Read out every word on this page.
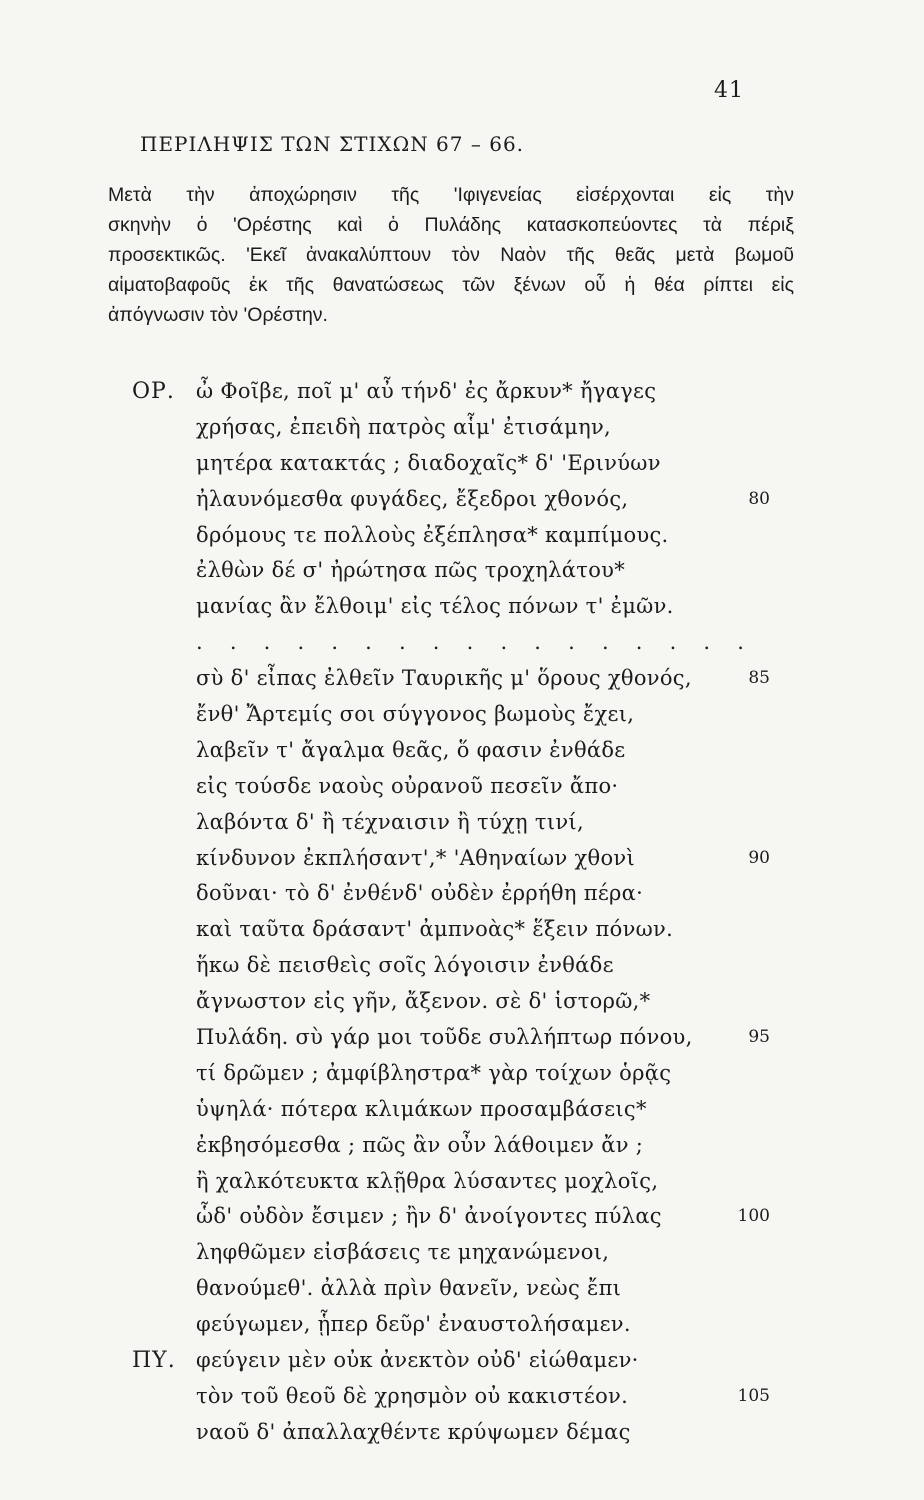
41
ΠΕΡΙΛΗΨΙΣ ΤΩΝ ΣΤΙΧΩΝ 67 – 66.
Μετὰ τὴν ἀποχώρησιν τῆς 'Ιφιγενείας εἰσέρχονται εἰς τὴν
σκηνὴν ὁ 'Ορέστης καὶ ὁ Πυλάδης κατασκοπεύοντες τὰ πέριξ
προσεκτικῶς. 'Εκεῖ ἀνακαλύπτουν τὸν Ναὸν τῆς θεᾶς μετὰ βωμοῦ
αἱματοβαφοῦς ἐκ τῆς θανατώσεως τῶν ξένων οὗ ἡ θέα ρίπτει εἰς
ἀπόγνωσιν τὸν 'Ορέστην.
ΟΡ. ὦ Φοῖβε, ποῖ μ' αὖ τήνδ' ἐς ἄρκυν* ἤγαγες
χρήσας, ἐπειδὴ πατρὸς αἷμ' ἐτισάμην,
μητέρα κατακτάς ; διαδοχαῖς* δ' 'Ερινύων
ἠλαυνόμεσθα φυγάδες, ἔξεδροι χθονός,	80
δρόμους τε πολλοὺς ἐξέπλησα* καμπίμους.
ἐλθὼν δέ σ' ἠρώτησα πῶς τροχηλάτου*
μανίας ἂν ἔλθοιμ' εἰς τέλος πόνων τ' ἐμῶν.
. . . . . . . . . . . . . . . . .
σὺ δ' εἶπας ἐλθεῖν Ταυρικῆς μ' ὅρους χθονός,	85
ἔνθ' Ἄρτεμίς σοι σύγγονος βωμοὺς ἔχει,
λαβεῖν τ' ἄγαλμα θεᾶς, ὅ φασιν ἐνθάδε
εἰς τούσδε ναοὺς οὐρανοῦ πεσεῖν ἄπο·
λαβόντα δ' ἢ τέχναισιν ἢ τύχῃ τινί,
κίνδυνον ἐκπλήσαντ',* 'Αθηναίων χθονὶ	90
δοῦναι· τὸ δ' ἐνθένδ' οὐδὲν ἐρρήθη πέρα·
καὶ ταῦτα δράσαντ' ἀμπνοὰς* ἕξειν πόνων.
ἥκω δὲ πεισθεὶς σοῖς λόγοισιν ἐνθάδε
ἄγνωστον εἰς γῆν, ἄξενον. σὲ δ' ἱστορῶ,*
Πυλάδη. σὺ γάρ μοι τοῦδε συλλήπτωρ πόνου,	95
τί δρῶμεν ; ἀμφίβληστρα* γὰρ τοίχων ὁρᾷς
ὑψηλά· πότερα κλιμάκων προσαμβάσεις*
ἐκβησόμεσθα ; πῶς ἂν οὖν λάθοιμεν ἄν ;
ἢ χαλκότευκτα κλῇθρα λύσαντες μοχλοῖς,
ὧδ' οὐδὸν ἔσιμεν ; ἢν δ' ἀνοίγοντες πύλας	100
ληφθῶμεν εἰσβάσεις τε μηχανώμενοι,
θανούμεθ'. ἀλλὰ πρὶν θανεῖν, νεὼς ἔπι
φεύγωμεν, ᾗπερ δεῦρ' ἐναυστολήσαμεν.
ΠΥ. φεύγειν μὲν οὐκ ἀνεκτὸν οὐδ' εἰώθαμεν·
τὸν τοῦ θεοῦ δὲ χρησμὸν οὐ κακιστέον.	105
ναοῦ δ' ἀπαλλαχθέντε κρύψωμεν δέμας
